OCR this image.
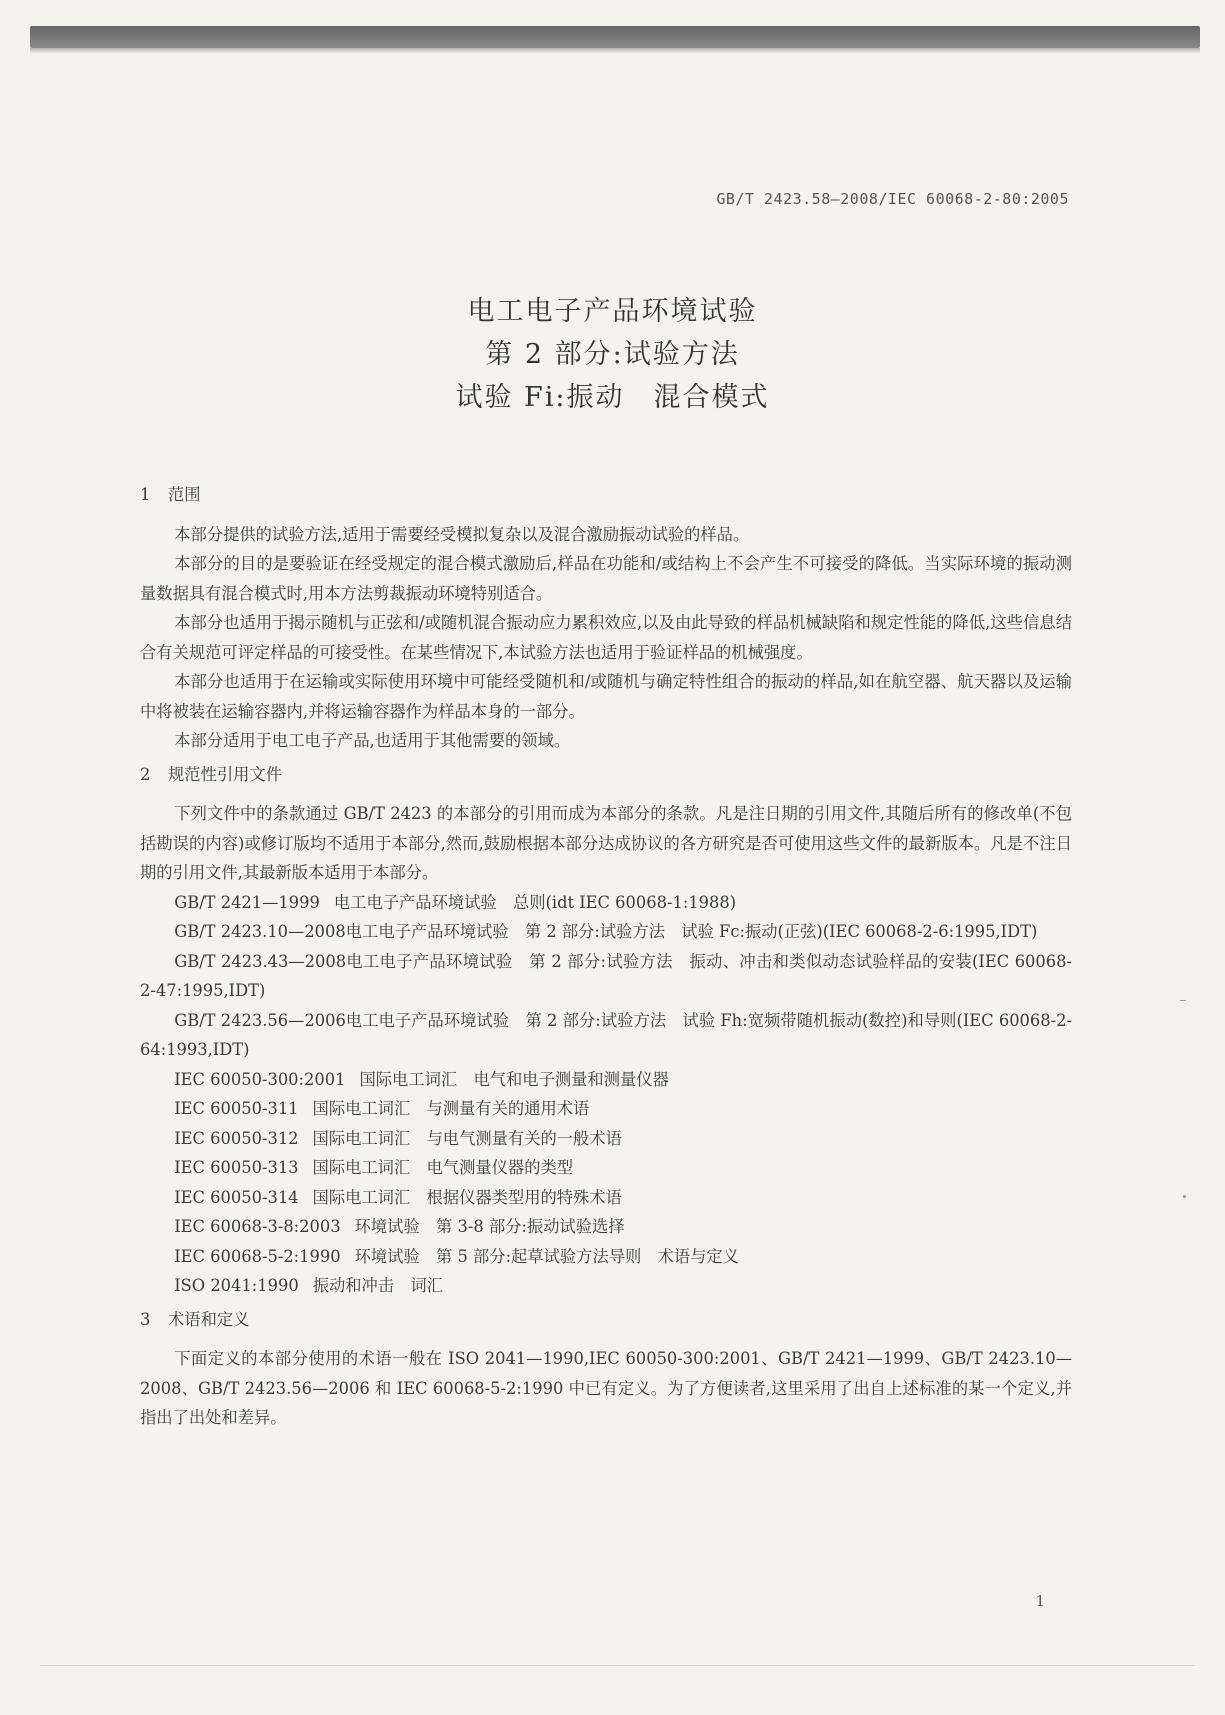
GB/T 2423.58—2008/IEC 60068-2-80:2005
电工电子产品环境试验
第 2 部分:试验方法
试验 Fi:振动　混合模式

1 范围

本部分提供的试验方法,适用于需要经受模拟复杂以及混合激励振动试验的样品。

本部分的目的是要验证在经受规定的混合模式激励后,样品在功能和/或结构上不会产生不可接受的降低。当实际环境的振动测量数据具有混合模式时,用本方法剪裁振动环境特别适合。

本部分也适用于揭示随机与正弦和/或随机混合振动应力累积效应,以及由此导致的样品机械缺陷和规定性能的降低,这些信息结合有关规范可评定样品的可接受性。在某些情况下,本试验方法也适用于验证样品的机械强度。

本部分也适用于在运输或实际使用环境中可能经受随机和/或随机与确定特性组合的振动的样品,如在航空器、航天器以及运输中将被装在运输容器内,并将运输容器作为样品本身的一部分。

本部分适用于电工电子产品,也适用于其他需要的领域。

2 规范性引用文件

下列文件中的条款通过 GB/T 2423 的本部分的引用而成为本部分的条款。凡是注日期的引用文件,其随后所有的修改单(不包括勘误的内容)或修订版均不适用于本部分,然而,鼓励根据本部分达成协议的各方研究是否可使用这些文件的最新版本。凡是不注日期的引用文件,其最新版本适用于本部分。

GB/T 2421—1999 电工电子产品环境试验　总则(idt IEC 60068-1:1988)

GB/T 2423.10—2008电工电子产品环境试验　第 2 部分:试验方法　试验 Fc:振动(正弦)(IEC 60068-2-6:1995,IDT)

GB/T 2423.43—2008电工电子产品环境试验　第 2 部分:试验方法　振动、冲击和类似动态试验样品的安装(IEC 60068-2-47:1995,IDT)

GB/T 2423.56—2006电工电子产品环境试验　第 2 部分:试验方法　试验 Fh:宽频带随机振动(数控)和导则(IEC 60068-2-64:1993,IDT)

IEC 60050-300:2001 国际电工词汇　电气和电子测量和测量仪器

IEC 60050-311 国际电工词汇　与测量有关的通用术语

IEC 60050-312 国际电工词汇　与电气测量有关的一般术语

IEC 60050-313 国际电工词汇　电气测量仪器的类型

IEC 60050-314 国际电工词汇　根据仪器类型用的特殊术语

IEC 60068-3-8:2003 环境试验　第 3-8 部分:振动试验选择

IEC 60068-5-2:1990 环境试验　第 5 部分:起草试验方法导则　术语与定义

ISO 2041:1990 振动和冲击　词汇

3 术语和定义

下面定义的本部分使用的术语一般在 ISO 2041—1990,IEC 60050-300:2001、GB/T 2421—1999、GB/T 2423.10—2008、GB/T 2423.56—2006 和 IEC 60068-5-2:1990 中已有定义。为了方便读者,这里采用了出自上述标准的某一个定义,并指出了出处和差异。

1
